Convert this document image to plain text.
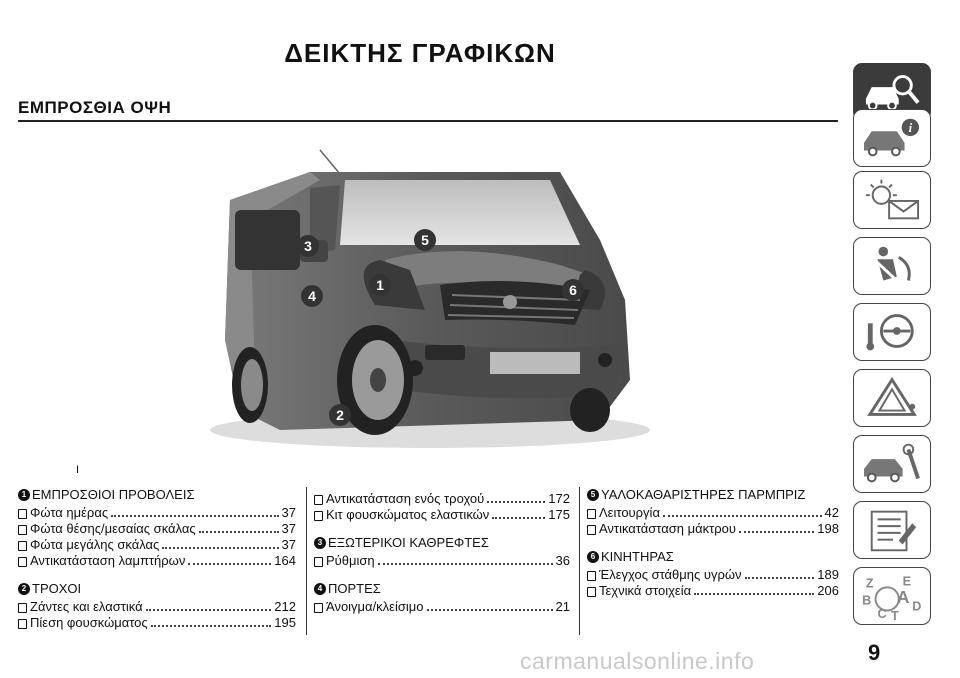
ΔΕΙΚΤΗΣ ΓΡΑΦΙΚΩΝ
ΕΜΠΡΟΣΘΙΑ ΟΨΗ
1
2
3
4
5
6
I
1 ΕΜΠΡΟΣΘΙΟΙ ΠΡΟΒΟΛΕΙΣ
Φώτα ημέρας	37
Φώτα θέσης/μεσαίας σκάλας	37
Φώτα μεγάλης σκάλας	37
Αντικατάσταση λαμπτήρων	164
2 ΤΡΟΧΟΙ
Ζάντες και ελαστικά	212
Πίεση φουσκώματος	195
Αντικατάσταση ενός τροχού	172
Κιτ φουσκώματος ελαστικών	175
3 ΕΞΩΤΕΡΙΚΟΙ ΚΑΘΡΕΦΤΕΣ
Ρύθμιση	36
4 ΠΟΡΤΕΣ
Άνοιγμα/κλείσιμο	21
5 ΥΑΛΟΚΑΘΑΡΙΣΤΗΡΕΣ ΠΑΡΜΠΡΙΖ
Λειτουργία	42
Αντικατάσταση μάκτρου	198
6 ΚΙΝΗΤΗΡΑΣ
Έλεγχος στάθμης υγρών	189
Τεχνικά στοιχεία	206
i
Z E
B A
C T
D
9
carmanualsonline.info
